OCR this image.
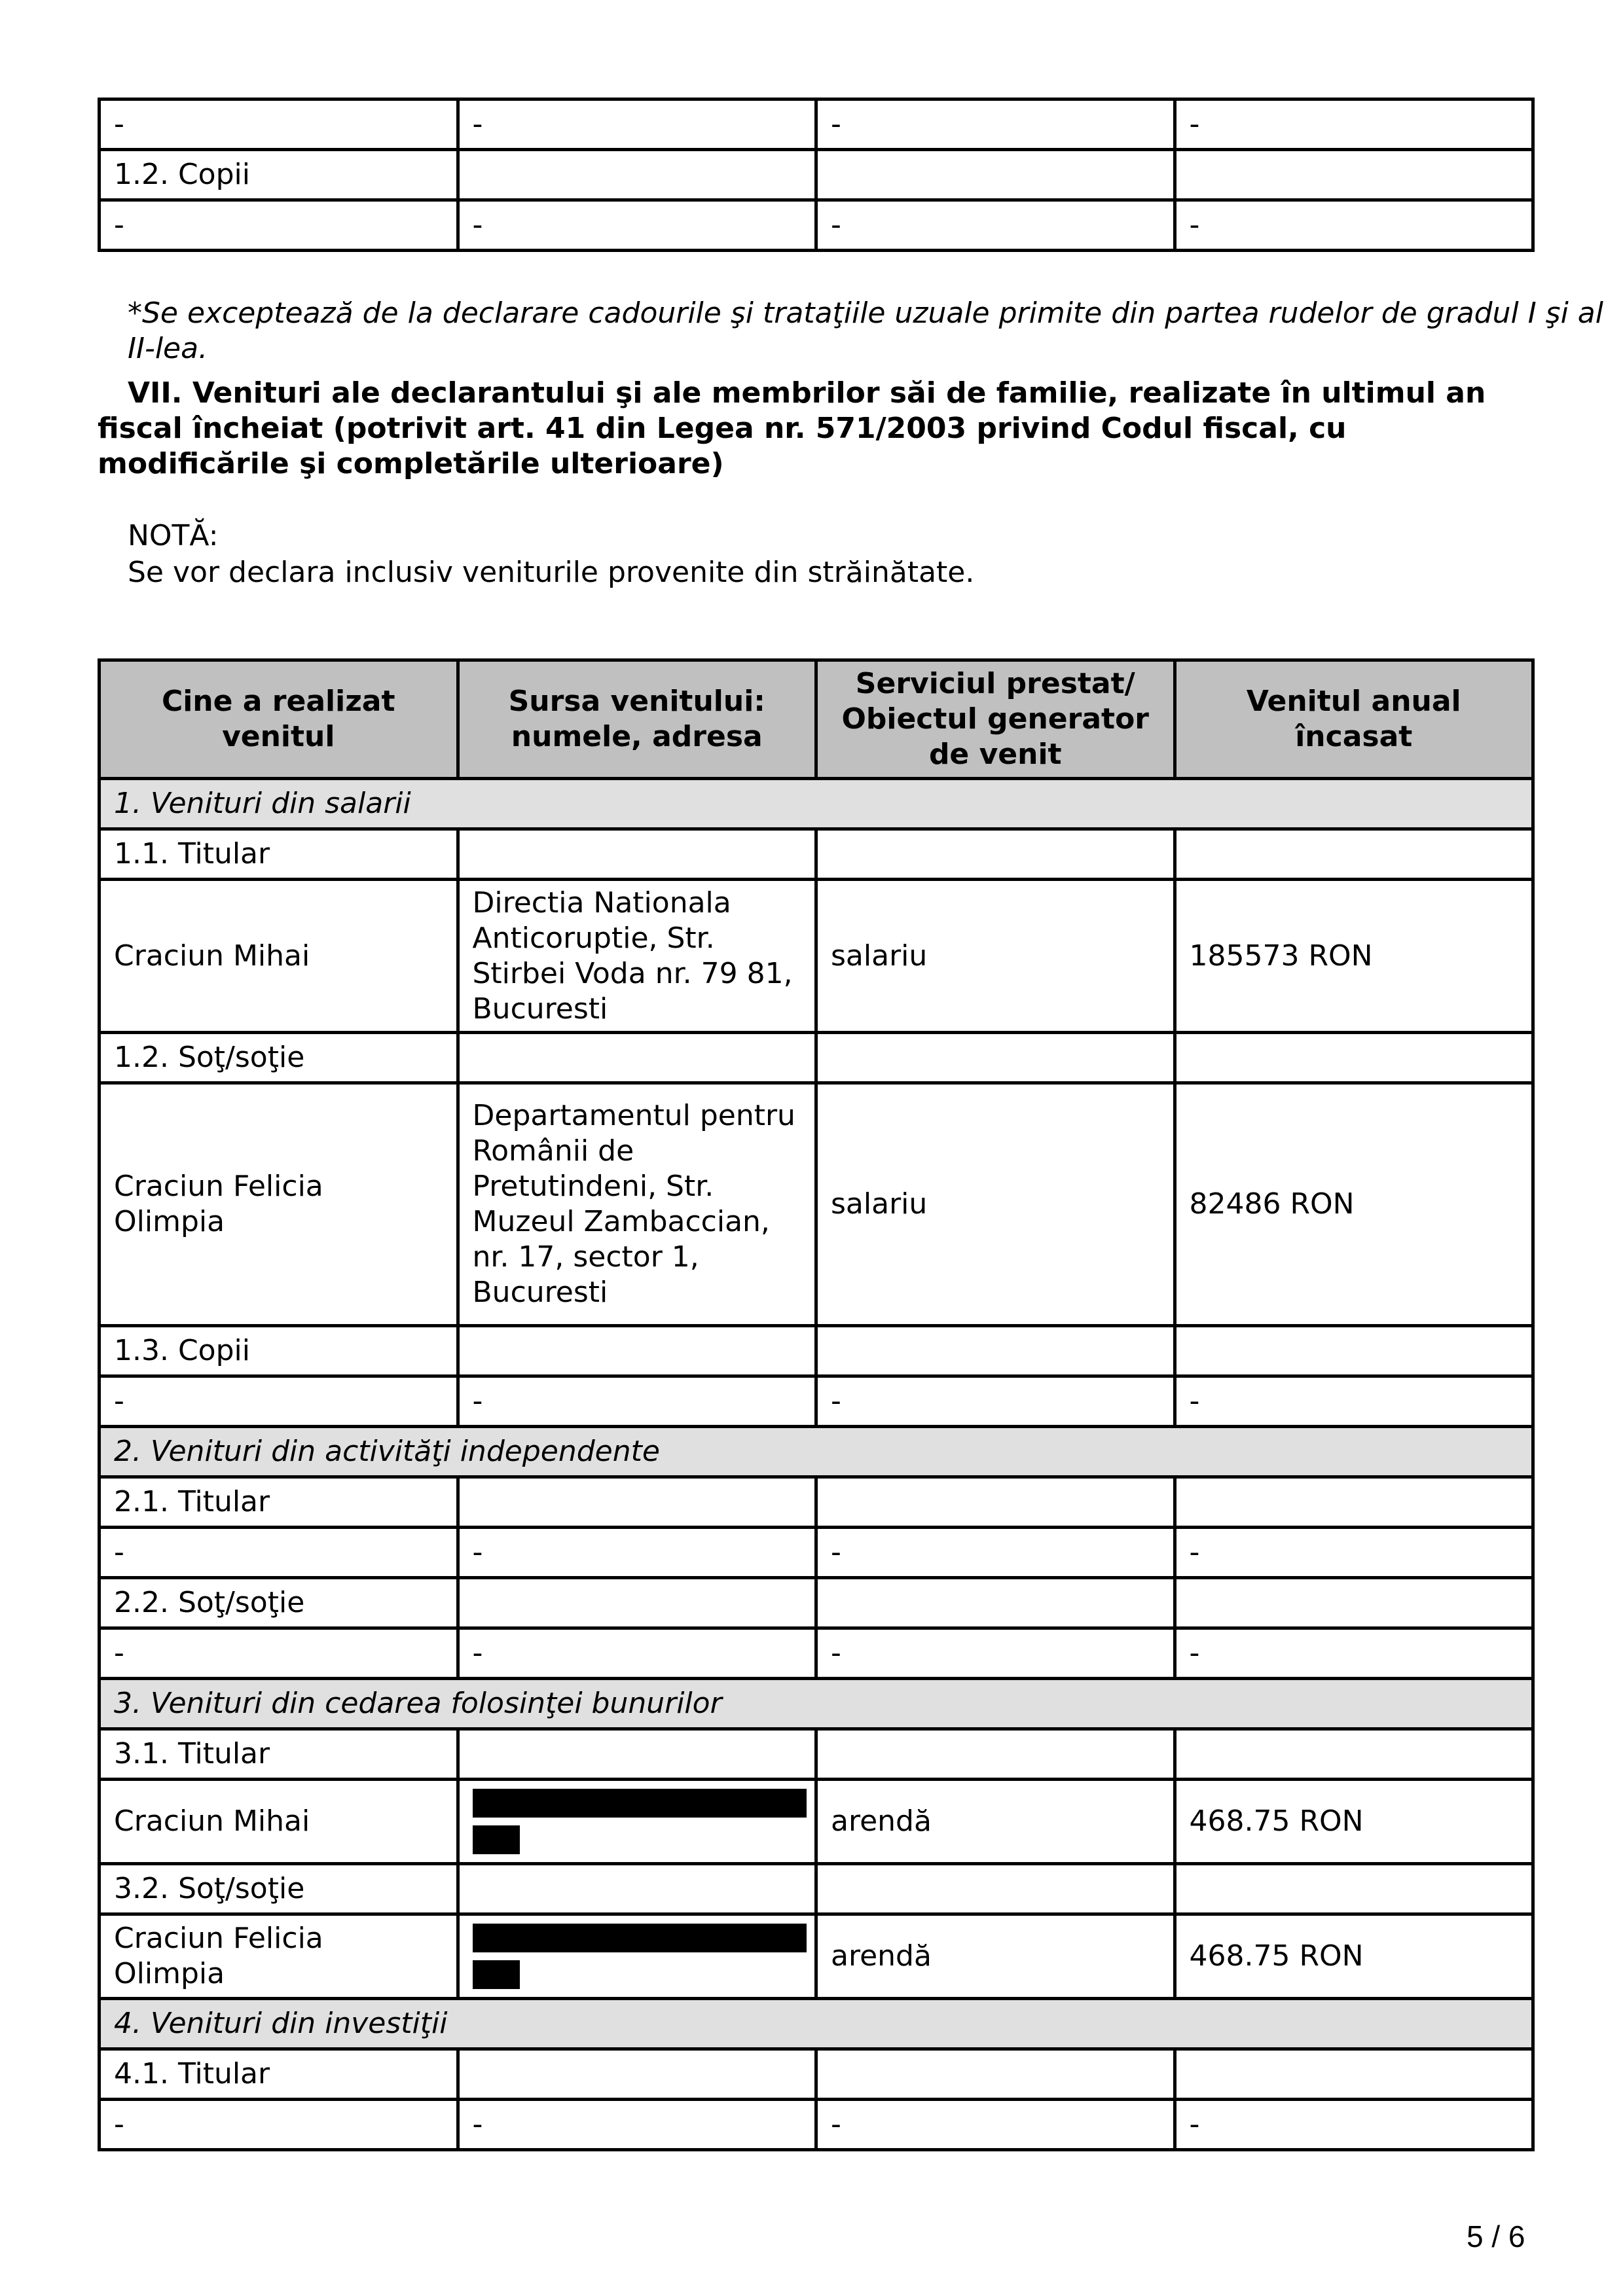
-	-	-	-
1.2. Copii			
-	-	-	-
*Se exceptează de la declarare cadourile şi trataţiile uzuale primite din partea rudelor de gradul I şi al II-lea.
VII. Venituri ale declarantului şi ale membrilor săi de familie, realizate în ultimul an fiscal încheiat (potrivit art. 41 din Legea nr. 571/2003 privind Codul fiscal, cu modificările şi completările ulterioare)
NOTĂ:
Se vor declara inclusiv veniturile provenite din străinătate.
Cine a realizat venitul	Sursa venitului: numele, adresa	Serviciul prestat/ Obiectul generator de venit	Venitul anual încasat
1. Venituri din salarii			
1.1. Titular			
Craciun Mihai	Directia Nationala Anticoruptie, Str. Stirbei Voda nr. 79 81, Bucuresti	salariu	185573 RON
1.2. Soţ/soţie			
Craciun Felicia Olimpia	Departamentul pentru Românii de Pretutindeni, Str. Muzeul Zambaccian, nr. 17, sector 1, Bucuresti	salariu	82486 RON
1.3. Copii			
-	-	-	-
2. Venituri din activităţi independente			
2.1. Titular			
-	-	-	-
2.2. Soţ/soţie			
-	-	-	-
3. Venituri din cedarea folosinţei bunurilor			
3.1. Titular			
Craciun Mihai		arendă	468.75 RON
3.2. Soţ/soţie			
Craciun Felicia Olimpia		arendă	468.75 RON
4. Venituri din investiţii			
4.1. Titular			
-	-	-	-
5 / 6
